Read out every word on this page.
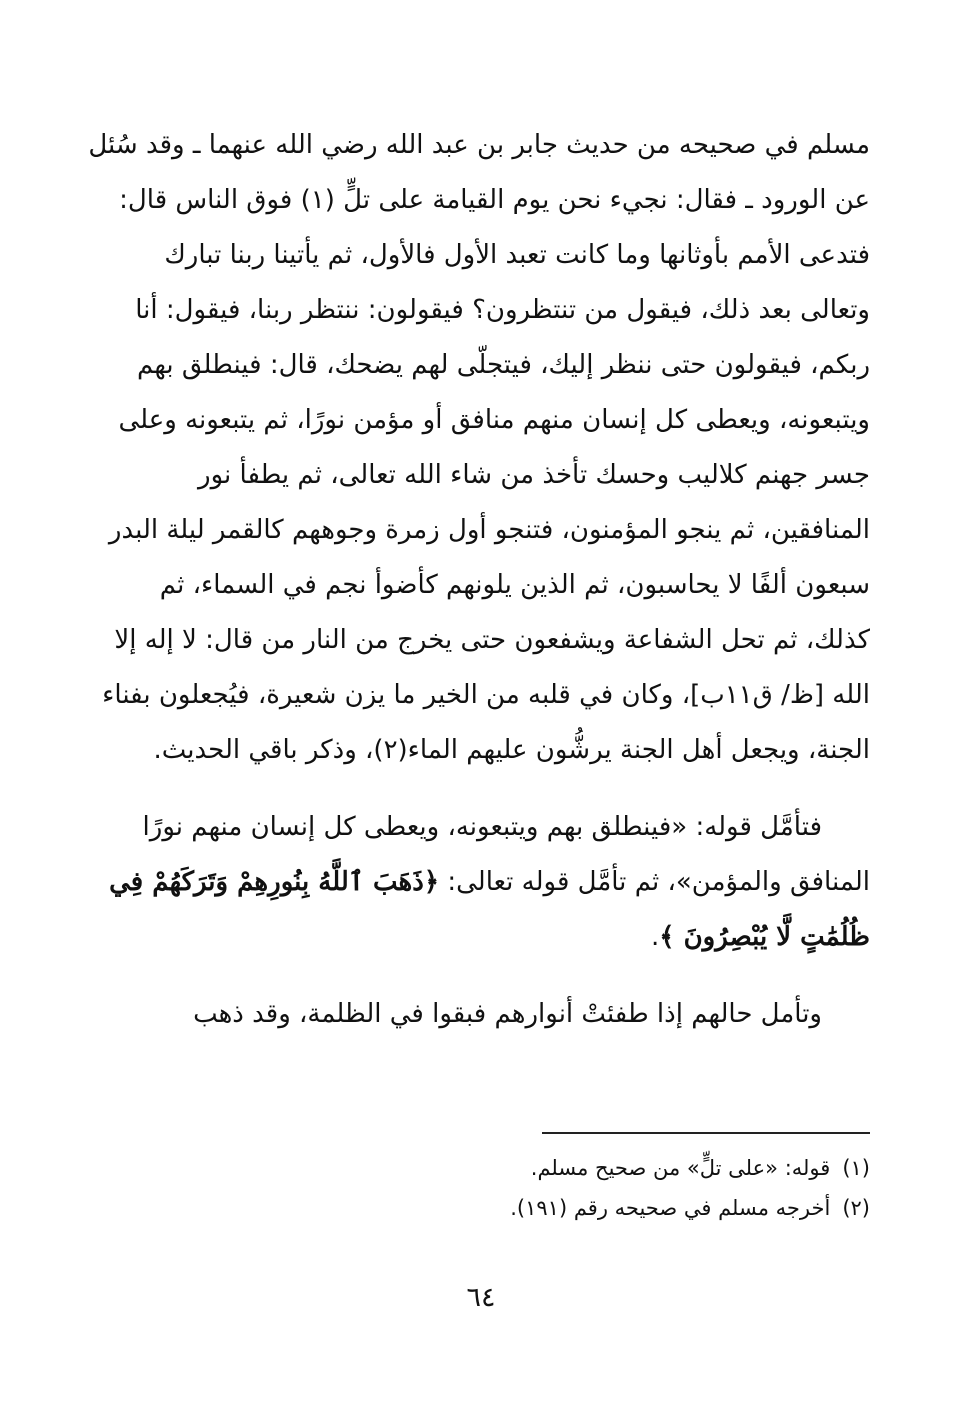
مسلم في صحيحه من حديث جابر بن عبد الله رضي الله عنهما ـ وقد سُئل
عن الورود ـ فقال: نجيء نحن يوم القيامة على تلٍّ (١) فوق الناس قال:
فتدعى الأمم بأوثانها وما كانت تعبد الأول فالأول، ثم يأتينا ربنا تبارك
وتعالى بعد ذلك، فيقول من تنتظرون؟ فيقولون: ننتظر ربنا، فيقول: أنا
ربكم، فيقولون حتى ننظر إليك، فيتجلّى لهم يضحك، قال: فينطلق بهم
ويتبعونه، ويعطى كل إنسان منهم منافق أو مؤمن نورًا، ثم يتبعونه وعلى
جسر جهنم كلاليب وحسك تأخذ من شاء الله تعالى، ثم يطفأ نور
المنافقين، ثم ينجو المؤمنون، فتنجو أول زمرة وجوههم كالقمر ليلة البدر
سبعون ألفًا لا يحاسبون، ثم الذين يلونهم كأضوأ نجم في السماء، ثم
كذلك، ثم تحل الشفاعة ويشفعون حتى يخرج من النار من قال: لا إله إلا
الله [ظ/ ق١١ب]، وكان في قلبه من الخير ما يزن شعيرة، فيُجعلون بفناء
الجنة، ويجعل أهل الجنة يرشُّون عليهم الماء(٢)، وذكر باقي الحديث.
فتأمَّل قوله: «فينطلق بهم ويتبعونه، ويعطى كل إنسان منهم نورًا
المنافق والمؤمن»، ثم تأمَّل قوله تعالى: ﴿ذَهَبَ ٱللَّهُ بِنُورِهِمْ وَتَرَكَهُمْ فِي
ظُلُمَٰتٍ لَّا يُبْصِرُونَ ﴾.
وتأمل حالهم إذا طفئتْ أنوارهم فبقوا في الظلمة، وقد ذهب
(١)قوله: «على تلٍّ» من صحيح مسلم.
(٢)أخرجه مسلم في صحيحه رقم (١٩١).
٦٤
